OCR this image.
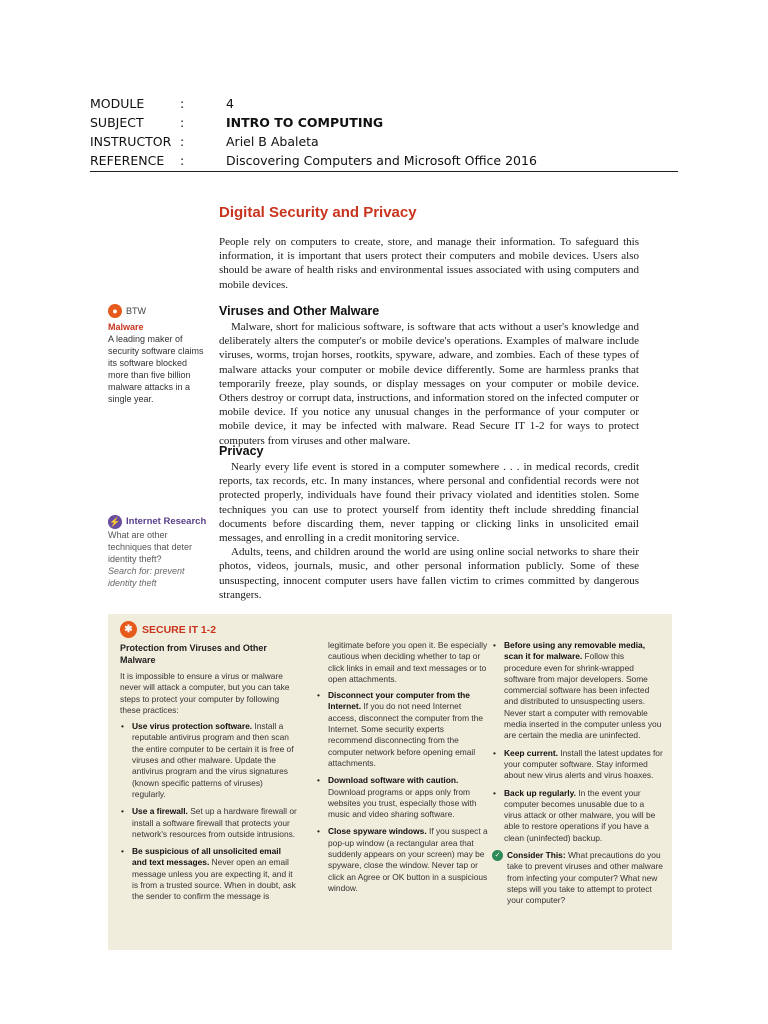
MODULE	:	4
SUBJECT	:	INTRO TO COMPUTING
INSTRUCTOR :	Ariel B Abaleta
REFERENCE	:	Discovering Computers and Microsoft Office 2016
Digital Security and Privacy
People rely on computers to create, store, and manage their information. To safeguard this information, it is important that users protect their computers and mobile devices. Users also should be aware of health risks and environmental issues associated with using computers and mobile devices.
Viruses and Other Malware

Malware, short for malicious software, is software that acts without a user's knowledge and deliberately alters the computer's or mobile device's operations. Examples of malware include viruses, worms, trojan horses, rootkits, spyware, adware, and zombies. Each of these types of malware attacks your computer or mobile device differently. Some are harmless pranks that temporarily freeze, play sounds, or display messages on your computer or mobile device. Others destroy or corrupt data, instructions, and information stored on the infected computer or mobile device. If you notice any unusual changes in the performance of your computer or mobile device, it may be infected with malware. Read Secure IT 1-2 for ways to protect computers from viruses and other malware.

Privacy

Nearly every life event is stored in a computer somewhere . . . in medical records, credit reports, tax records, etc. In many instances, where personal and confidential records were not protected properly, individuals have found their privacy violated and identities stolen. Some techniques you can use to protect yourself from identity theft include shredding financial documents before discarding them, never tapping or clicking links in unsolicited email messages, and enrolling in a credit monitoring service.

Adults, teens, and children around the world are using online social networks to share their photos, videos, journals, music, and other personal information publicly. Some of these unsuspecting, innocent computer users have fallen victim to crimes committed by dangerous strangers.

● BTW
Malware
A leading maker of security software claims its software blocked more than five billion malware attacks in a single year.
⚡ Internet Research
What are other techniques that deter identity theft?
Search for: prevent identity theft
✱ SECURE IT 1-2
Protection from Viruses and Other Malware

It is impossible to ensure a virus or malware never will attack a computer, but you can take steps to protect your computer by following these practices:

• Use virus protection software. Install a reputable antivirus program and then scan the entire computer to be certain it is free of viruses and other malware. Update the antivirus program and the virus signatures (known specific patterns of viruses) regularly.
• Use a firewall. Set up a hardware firewall or install a software firewall that protects your network's resources from outside intrusions.
• Be suspicious of all unsolicited email and text messages. Never open an email message unless you are expecting it, and it is from a trusted source. When in doubt, ask the sender to confirm the message is

legitimate before you open it. Be especially cautious when deciding whether to tap or click links in email and text messages or to open attachments.

• Disconnect your computer from the Internet. If you do not need Internet access, disconnect the computer from the Internet. Some security experts recommend disconnecting from the computer network before opening email attachments.
• Download software with caution. Download programs or apps only from websites you trust, especially those with music and video sharing software.
• Close spyware windows. If you suspect a pop-up window (a rectangular area that suddenly appears on your screen) may be spyware, close the window. Never tap or click an Agree or OK button in a suspicious window.
• Before using any removable media, scan it for malware. Follow this procedure even for shrink-wrapped software from major developers. Some commercial software has been infected and distributed to unsuspecting users. Never start a computer with removable media inserted in the computer unless you are certain the media are uninfected.
• Keep current. Install the latest updates for your computer software. Stay informed about new virus alerts and virus hoaxes.
• Back up regularly. In the event your computer becomes unusable due to a virus attack or other malware, you will be able to restore operations if you have a clean (uninfected) backup.
✓ Consider This: What precautions do you take to prevent viruses and other malware from infecting your computer? What new steps will you take to attempt to protect your computer?
